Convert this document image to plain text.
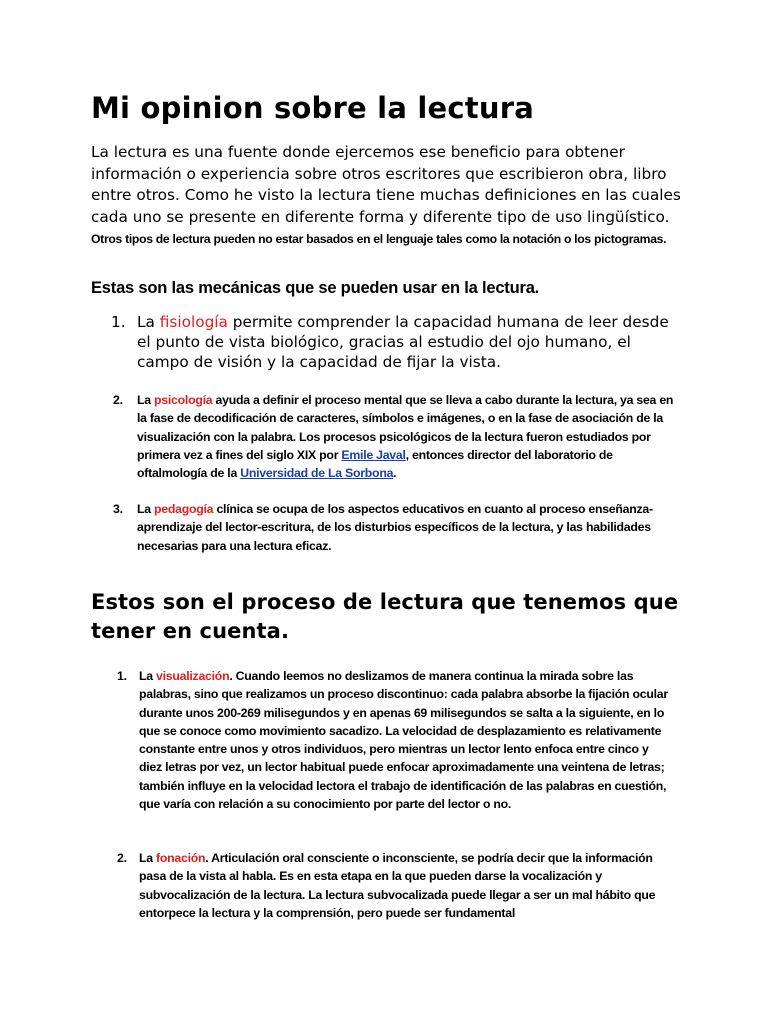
Mi opinion sobre la lectura

La lectura es una fuente donde ejercemos ese beneficio para obtener información o experiencia sobre otros escritores que escribieron obra, libro entre otros. Como he visto la lectura tiene muchas definiciones en las cuales cada uno se presente en diferente forma y diferente tipo de uso lingüístico. Otros tipos de lectura pueden no estar basados en el lenguaje tales como la notación o los pictogramas.

Estas son las mecánicas que se pueden usar en la lectura.
1. La fisiología permite comprender la capacidad humana de leer desde el punto de vista biológico, gracias al estudio del ojo humano, el campo de visión y la capacidad de fijar la vista.

2. La psicología ayuda a definir el proceso mental que se lleva a cabo durante la lectura, ya sea en la fase de decodificación de caracteres, símbolos e imágenes, o en la fase de asociación de la visualización con la palabra. Los procesos psicológicos de la lectura fueron estudiados por primera vez a fines del siglo XIX por Emile Javal, entonces director del laboratorio de oftalmología de la Universidad de La Sorbona.

3. La pedagogía clínica se ocupa de los aspectos educativos en cuanto al proceso enseñanza-aprendizaje del lector-escritura, de los disturbios específicos de la lectura, y las habilidades necesarias para una lectura eficaz.

Estos son el proceso de lectura que tenemos que tener en cuenta.
1. La visualización. Cuando leemos no deslizamos de manera continua la mirada sobre las palabras, sino que realizamos un proceso discontinuo: cada palabra absorbe la fijación ocular durante unos 200-269 milisegundos y en apenas 69 milisegundos se salta a la siguiente, en lo que se conoce como movimiento sacadizo. La velocidad de desplazamiento es relativamente constante entre unos y otros individuos, pero mientras un lector lento enfoca entre cinco y diez letras por vez, un lector habitual puede enfocar aproximadamente una veintena de letras; también influye en la velocidad lectora el trabajo de identificación de las palabras en cuestión, que varía con relación a su conocimiento por parte del lector o no.

2. La fonación. Articulación oral consciente o inconsciente, se podría decir que la información pasa de la vista al habla. Es en esta etapa en la que pueden darse la vocalización y subvocalización de la lectura. La lectura subvocalizada puede llegar a ser un mal hábito que entorpece la lectura y la comprensión, pero puede ser fundamental
